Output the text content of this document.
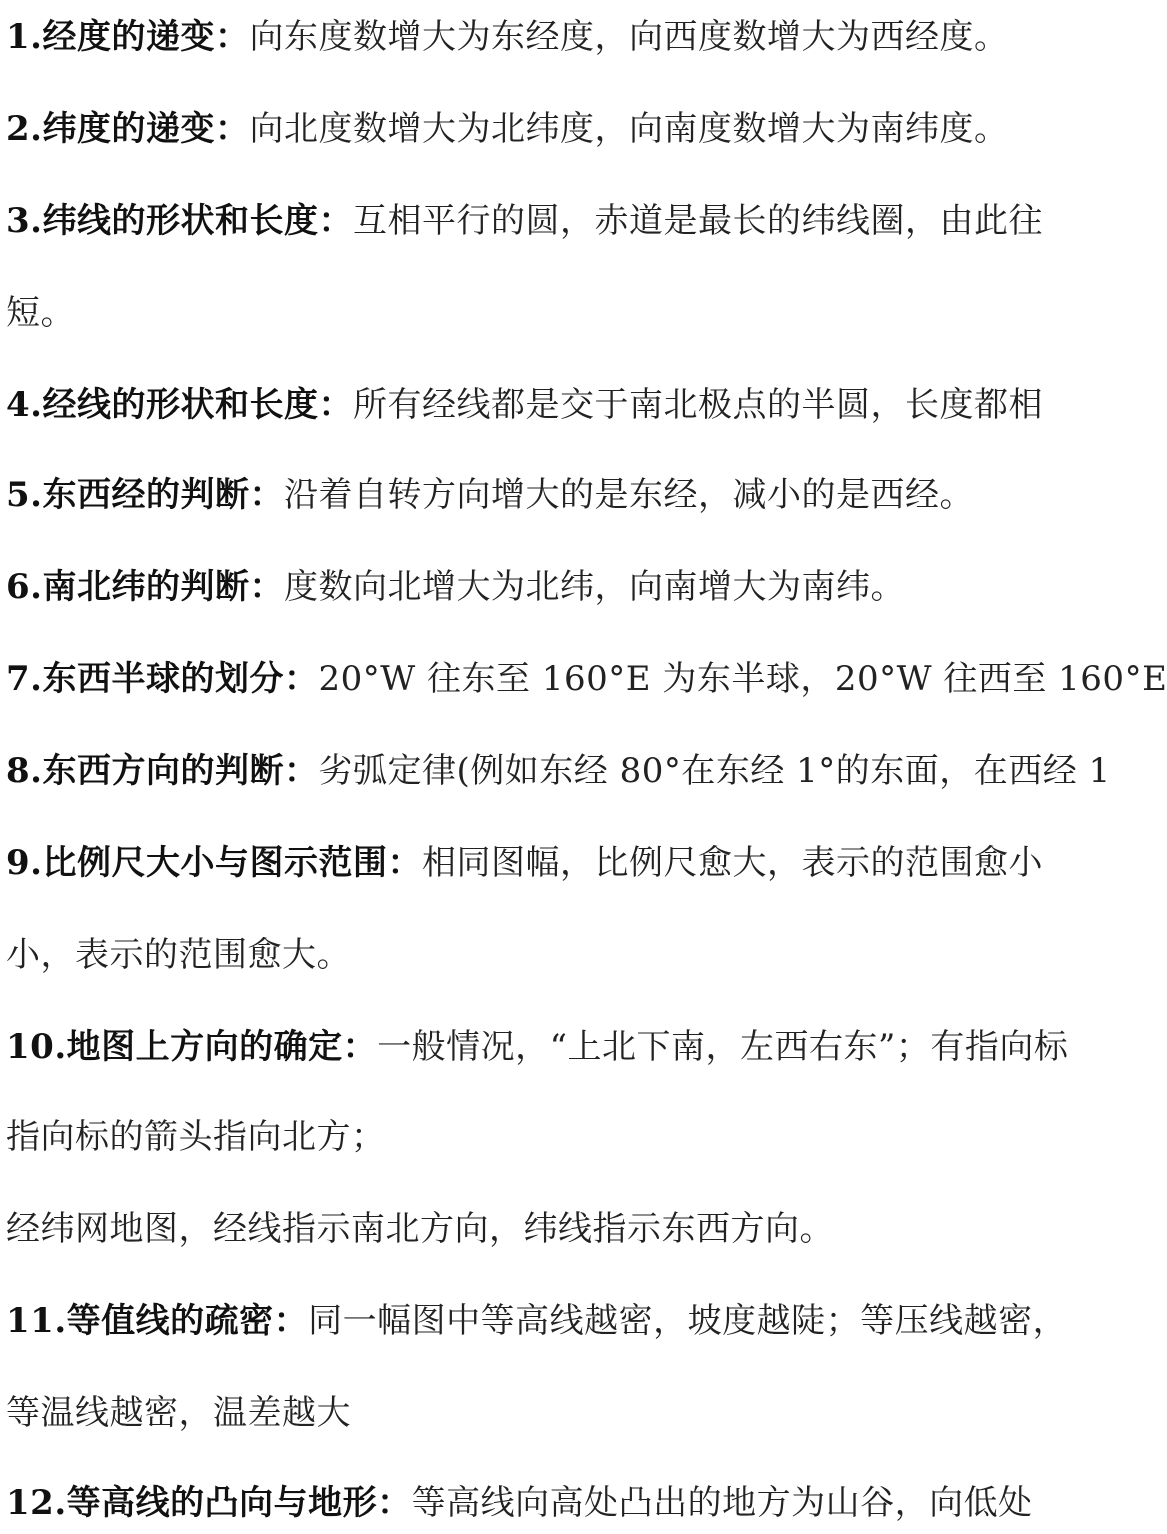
1.经度的递变：向东度数增大为东经度，向西度数增大为西经度。
2.纬度的递变：向北度数增大为北纬度，向南度数增大为南纬度。
3.纬线的形状和长度：互相平行的圆，赤道是最长的纬线圈，由此往
短。
4.经线的形状和长度：所有经线都是交于南北极点的半圆，长度都相
5.东西经的判断：沿着自转方向增大的是东经，减小的是西经。
6.南北纬的判断：度数向北增大为北纬，向南增大为南纬。
7.东西半球的划分：20°W 往东至 160°E 为东半球，20°W 往西至 160°E
8.东西方向的判断：劣弧定律(例如东经 80°在东经 1°的东面，在西经 1
9.比例尺大小与图示范围：相同图幅，比例尺愈大，表示的范围愈小
小，表示的范围愈大。
10.地图上方向的确定：一般情况，“上北下南，左西右东”；有指向标
指向标的箭头指向北方；
经纬网地图，经线指示南北方向，纬线指示东西方向。
11.等值线的疏密：同一幅图中等高线越密，坡度越陡；等压线越密，
等温线越密，温差越大
12.等高线的凸向与地形：等高线向高处凸出的地方为山谷，向低处
